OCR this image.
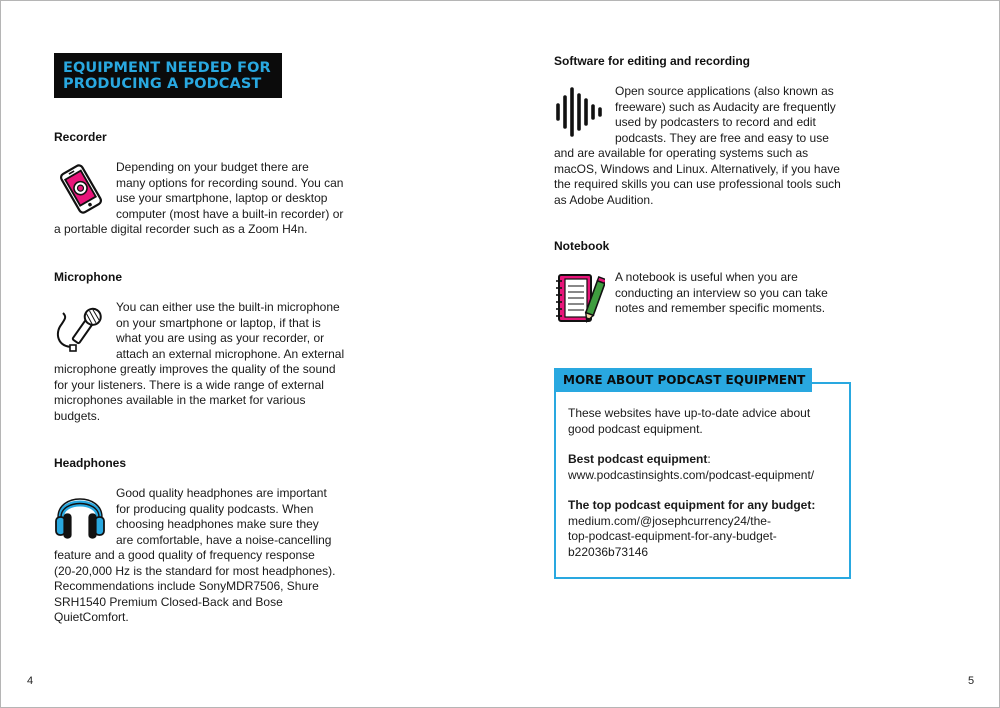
EQUIPMENT NEEDED FOR
PRODUCING A PODCAST
Recorder
Depending on your budget there are
many options for recording sound. You can
use your smartphone, laptop or desktop
computer (most have a built-in recorder) or
a portable digital recorder such as a Zoom H4n.
Microphone
You can either use the built-in microphone
on your smartphone or laptop, if that is
what you are using as your recorder, or
attach an external microphone. An external
microphone greatly improves the quality of the sound
for your listeners. There is a wide range of external
microphones available in the market for various
budgets.
Headphones
Good quality headphones are important
for producing quality podcasts. When
choosing headphones make sure they
are comfortable, have a noise-cancelling
feature and a good quality of frequency response
(20-20,000 Hz is the standard for most headphones).
Recommendations include SonyMDR7506, Shure
SRH1540 Premium Closed-Back and Bose
QuietComfort.
4
Software for editing and recording
Open source applications (also known as
freeware) such as Audacity are frequently
used by podcasters to record and edit
podcasts. They are free and easy to use
and are available for operating systems such as
macOS, Windows and Linux. Alternatively, if you have
the required skills you can use professional tools such
as Adobe Audition.
Notebook
A notebook is useful when you are
conducting an interview so you can take
notes and remember specific moments.
MORE ABOUT PODCAST EQUIPMENT
These websites have up-to-date advice about
good podcast equipment.
Best podcast equipment:
www.podcastinsights.com/podcast-equipment/
The top podcast equipment for any budget:
medium.com/@josephcurrency24/the-
top-podcast-equipment-for-any-budget-
b22036b73146
5
